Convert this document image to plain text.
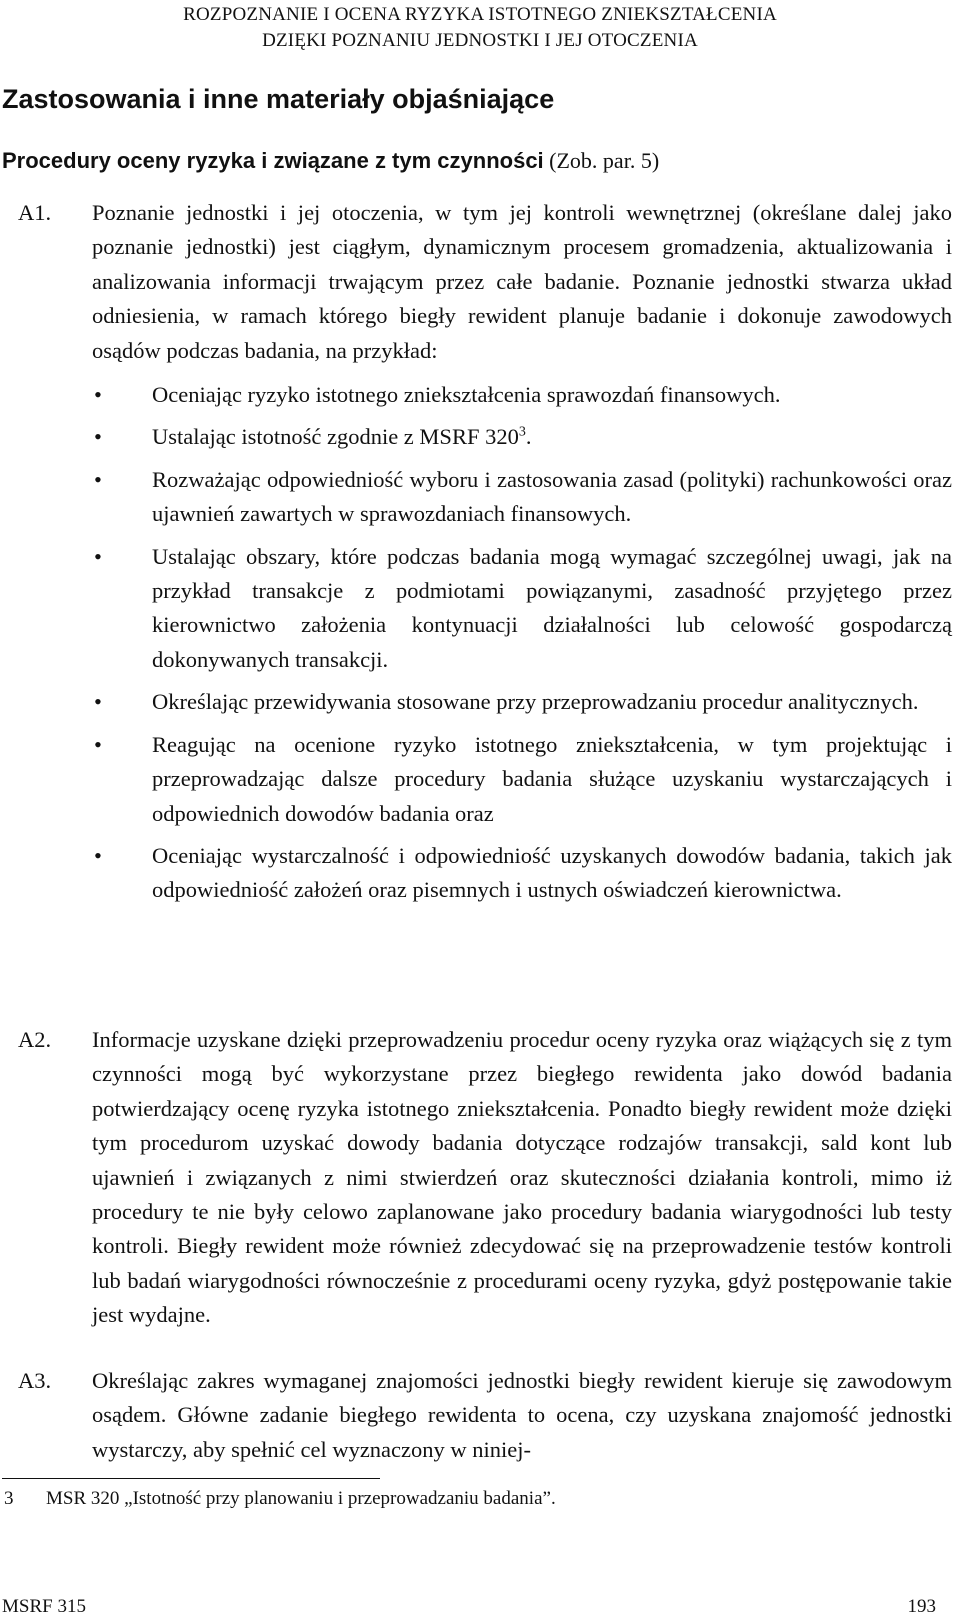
ROZPOZNANIE I OCENA RYZYKA ISTOTNEGO ZNIEKSZTAŁCENIA
DZIĘKI POZNANIU JEDNOSTKI I JEJ OTOCZENIA
Zastosowania i inne materiały objaśniające
Procedury oceny ryzyka i związane z tym czynności (Zob. par. 5)
A1. Poznanie jednostki i jej otoczenia, w tym jej kontroli wewnętrznej (określane dalej jako poznanie jednostki) jest ciągłym, dynamicznym procesem gromadzenia, aktualizowania i analizowania informacji trwającym przez całe badanie. Poznanie jednostki stwarza układ odniesienia, w ramach którego biegły rewident planuje badanie i dokonuje zawodowych osądów podczas badania, na przykład:
• Oceniając ryzyko istotnego zniekształcenia sprawozdań finansowych.
• Ustalając istotność zgodnie z MSRF $320^3$.
• Rozważając odpowiedniość wyboru i zastosowania zasad (polityki) rachunkowości oraz ujawnień zawartych w sprawozdaniach finansowych.
• Ustalając obszary, które podczas badania mogą wymagać szczególnej uwagi, jak na przykład transakcje z podmiotami powiązanymi, zasadność przyjętego przez kierownictwo założenia kontynuacji działalności lub celowość gospodarczą dokonywanych transakcji.
• Określając przewidywania stosowane przy przeprowadzaniu procedur analitycznych.
• Reagując na ocenione ryzyko istotnego zniekształcenia, w tym projektując i przeprowadzając dalsze procedury badania służące uzyskaniu wystarczających i odpowiednich dowodów badania oraz
• Oceniając wystarczalność i odpowiedniość uzyskanych dowodów badania, takich jak odpowiedniość założeń oraz pisemnych i ustnych oświadczeń kierownictwa.
A2. Informacje uzyskane dzięki przeprowadzeniu procedur oceny ryzyka oraz wiążących się z tym czynności mogą być wykorzystane przez biegłego rewidenta jako dowód badania potwierdzający ocenę ryzyka istotnego zniekształcenia. Ponadto biegły rewident może dzięki tym procedurom uzyskać dowody badania dotyczące rodzajów transakcji, sald kont lub ujawnień i związanych z nimi stwierdzeń oraz skuteczności działania kontroli, mimo iż procedury te nie były celowo zaplanowane jako procedury badania wiarygodności lub testy kontroli. Biegły rewident może również zdecydować się na przeprowadzenie testów kontroli lub badań wiarygodności równocześnie z procedurami oceny ryzyka, gdyż postępowanie takie jest wydajne.
A3. Określając zakres wymaganej znajomości jednostki biegły rewident kieruje się zawodowym osądem. Główne zadanie biegłego rewidenta to ocena, czy uzyskana znajomość jednostki wystarczy, aby spełnić cel wyznaczony w niniej-
3 MSR 320 „Istotność przy planowaniu i przeprowadzaniu badania”.
MSRF 315	193
